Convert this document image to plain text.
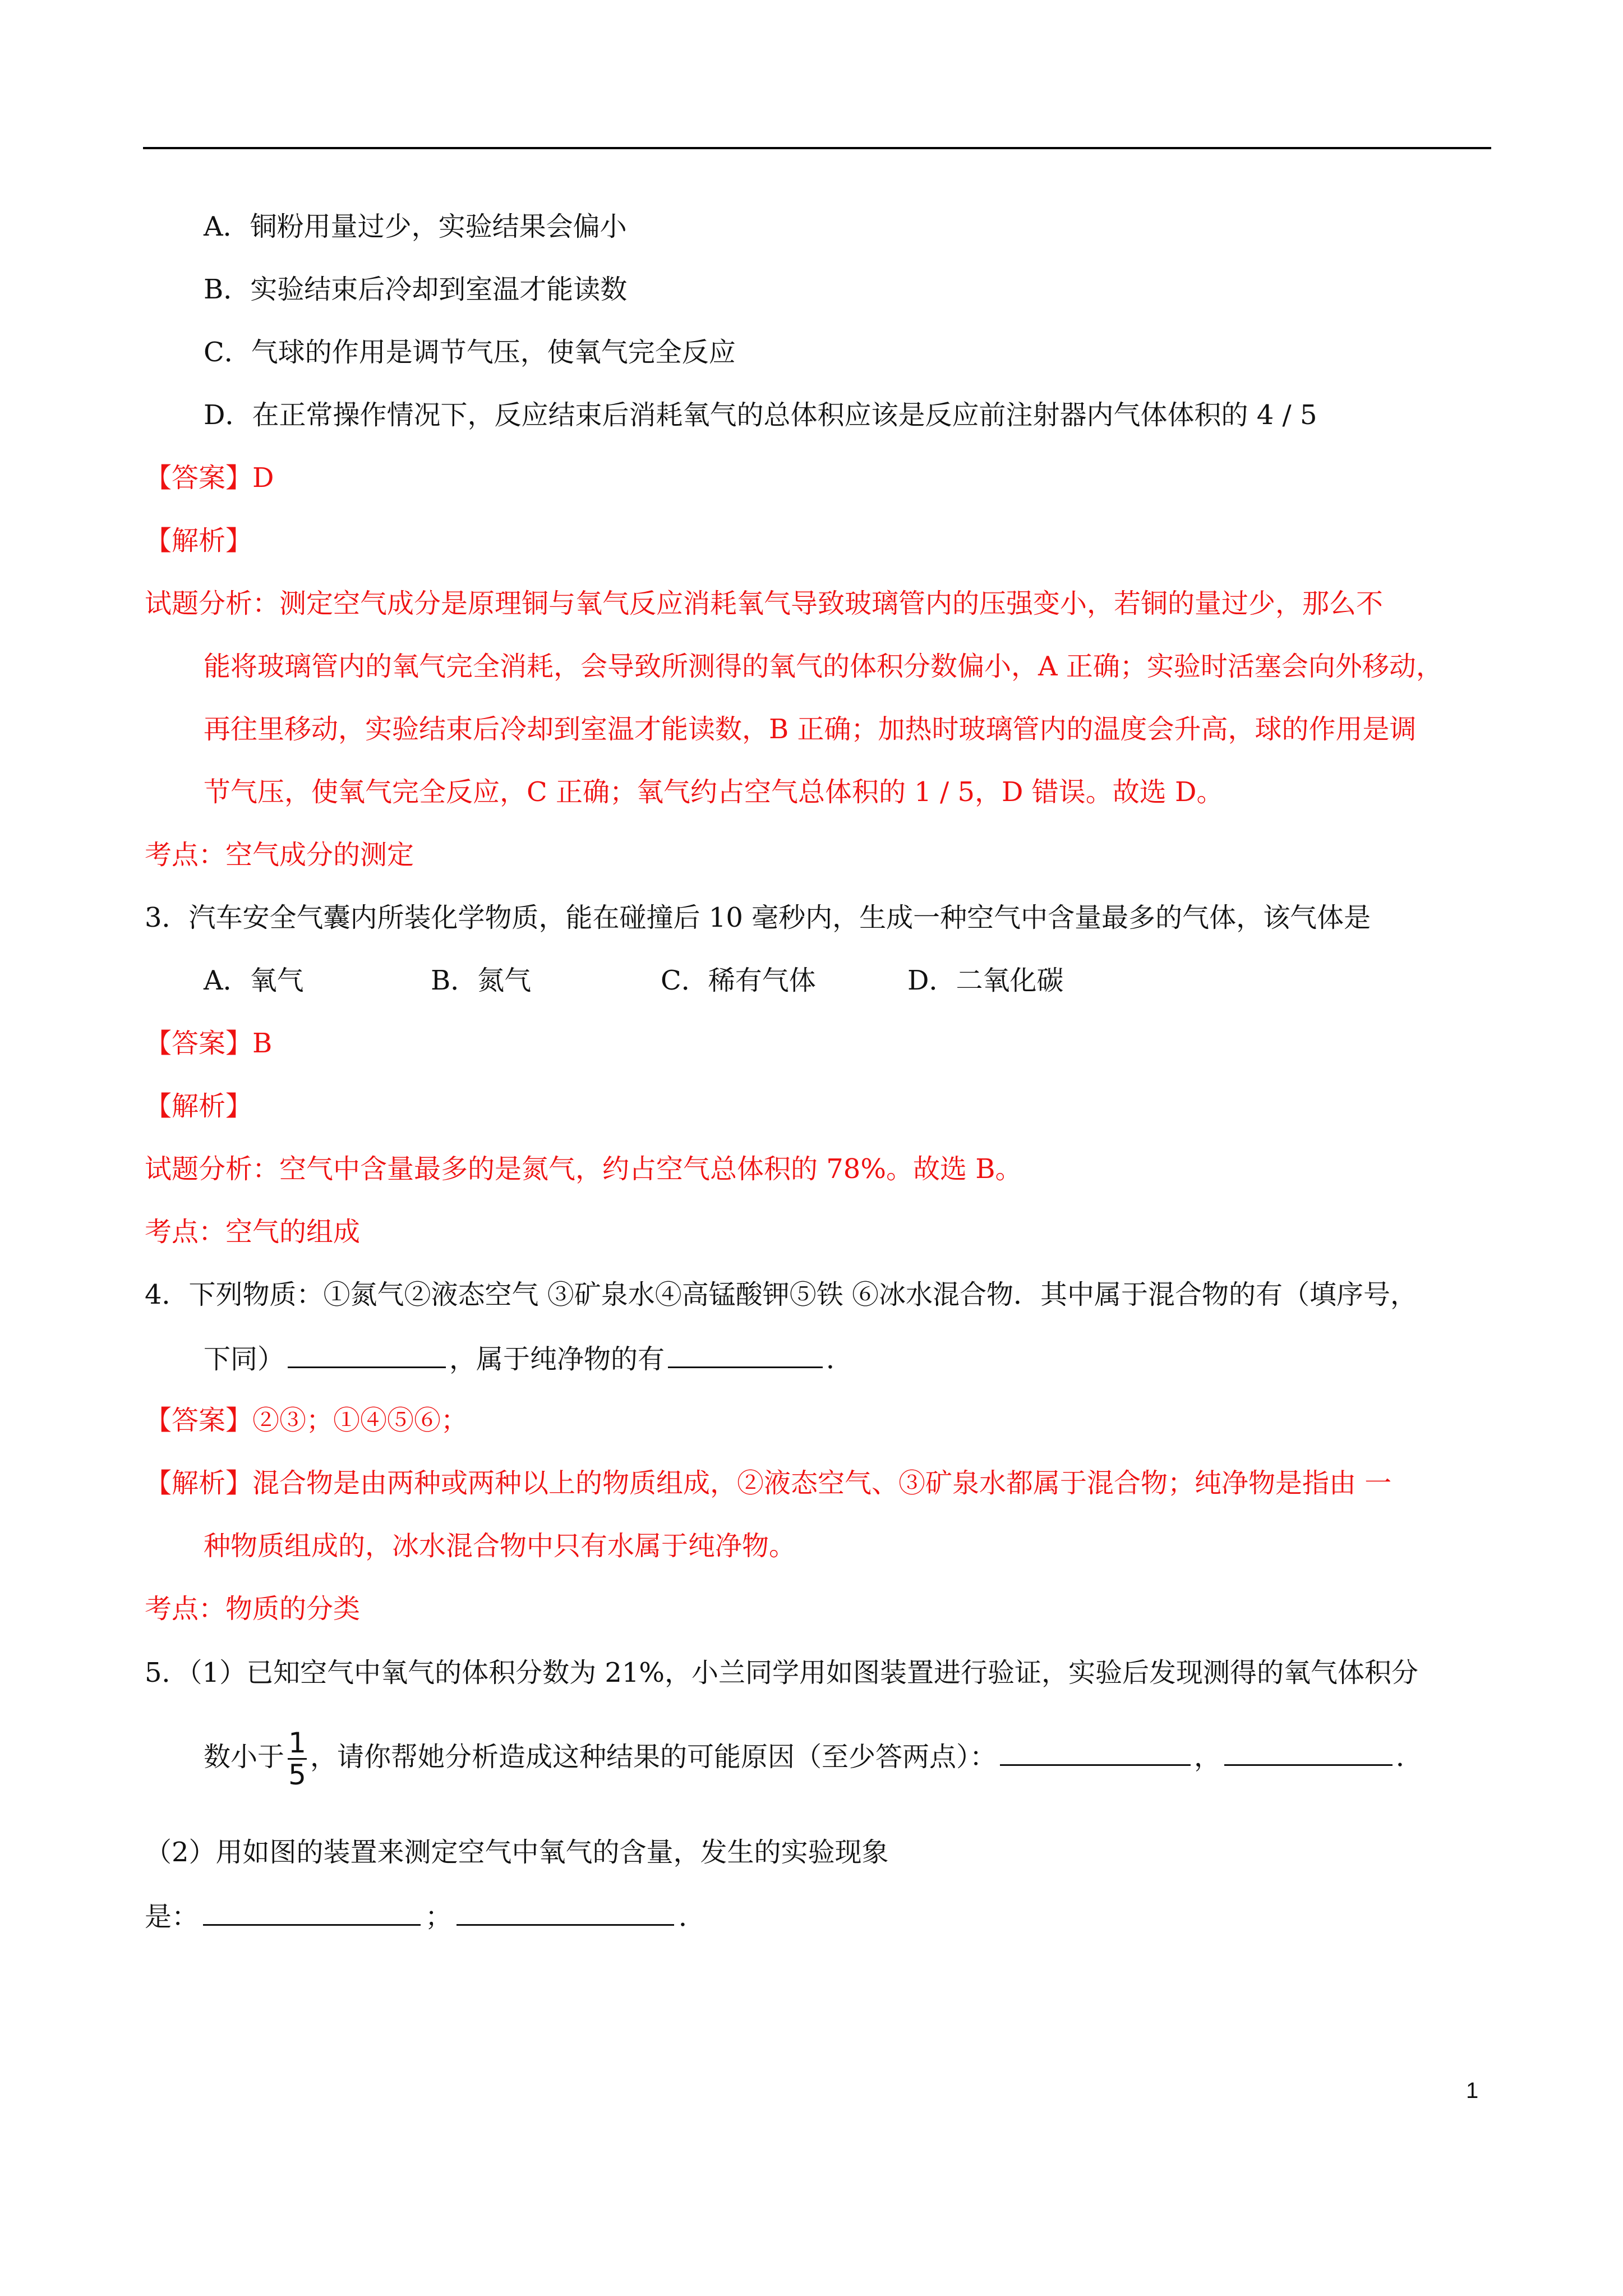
A．铜粉用量过少，实验结果会偏小
B．实验结束后冷却到室温才能读数
C．气球的作用是调节气压，使氧气完全反应
D．在正常操作情况下，反应结束后消耗氧气的总体积应该是反应前注射器内气体体积的 4 / 5
【答案】D
【解析】
试题分析：测定空气成分是原理铜与氧气反应消耗氧气导致玻璃管内的压强变小，若铜的量过少，那么不
能将玻璃管内的氧气完全消耗，会导致所测得的氧气的体积分数偏小，A 正确；实验时活塞会向外移动，
再往里移动，实验结束后冷却到室温才能读数，B 正确；加热时玻璃管内的温度会升高，球的作用是调
节气压，使氧气完全反应，C 正确；氧气约占空气总体积的 1 / 5，D 错误。故选 D。
考点：空气成分的测定
3．汽车安全气囊内所装化学物质，能在碰撞后 10 毫秒内，生成一种空气中含量最多的气体，该气体是
A．氧气	B．氮气	C．稀有气体	D．二氧化碳
【答案】B
【解析】
试题分析：空气中含量最多的是氮气，约占空气总体积的 78%。故选 B。
考点：空气的组成
4．下列物质：①氮气②液态空气 ③矿泉水④高锰酸钾⑤铁 ⑥冰水混合物．其中属于混合物的有（填序号，
下同）	，属于纯净物的有	．
【答案】②③；①④⑤⑥；
【解析】混合物是由两种或两种以上的物质组成，②液态空气、③矿泉水都属于混合物；纯净物是指由 一
种物质组成的，冰水混合物中只有水属于纯净物。
考点：物质的分类
5．（1）已知空气中氧气的体积分数为 21%，小兰同学用如图装置进行验证，实验后发现测得的氧气体积分
数小于 $\frac{1}{5}$ ，请你帮她分析造成这种结果的可能原因（至少答两点）：	，	．
（2）用如图的装置来测定空气中氧气的含量，发生的实验现象
是：	；	．
1
